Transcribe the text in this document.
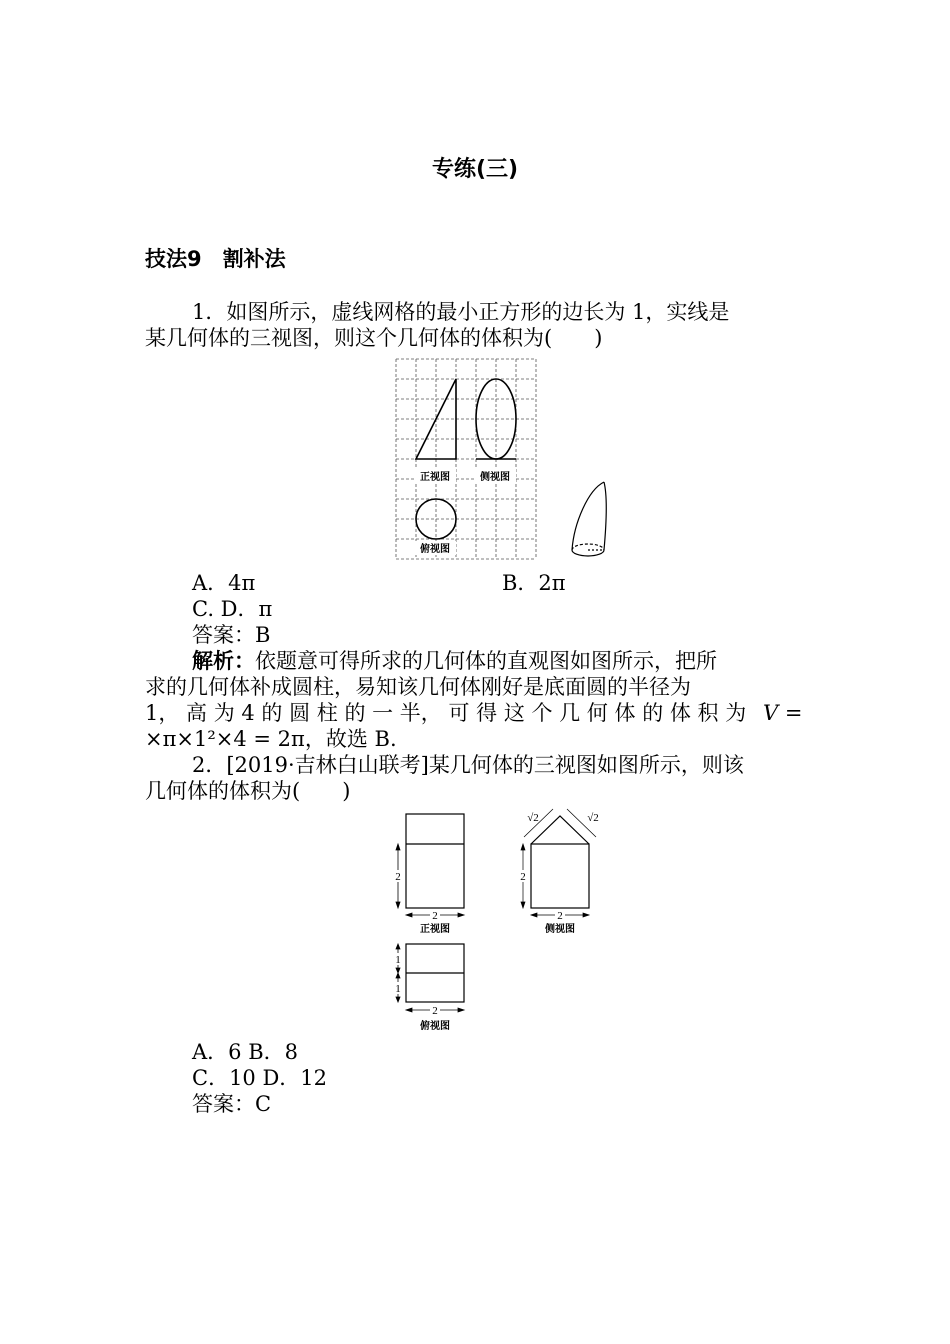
专练(三)
技法9　割补法
1．如图所示，虚线网格的最小正方形的边长为 1，实线是
某几何体的三视图，则这个几何体的体积为(　　)
正视图	侧视图
俯视图
A．4π	B．2π
C. D．π
答案：B
解析：依题意可得所求的几何体的直观图如图所示，把所
求的几何体补成圆柱，易知该几何体刚好是底面圆的半径为
1， 高 为 4 的 圆 柱 的 一 半， 可 得 这 个 几 何 体 的 体 积 为 V =
×π×1²×4 = 2π，故选 B.
2．[2019·吉林白山联考]某几何体的三视图如图所示，则该
几何体的体积为(　　)
2
2
正视图
√2	√2
2
2
侧视图
1
1
2
俯视图
A．6 B．8
C．10 D．12
答案：C
